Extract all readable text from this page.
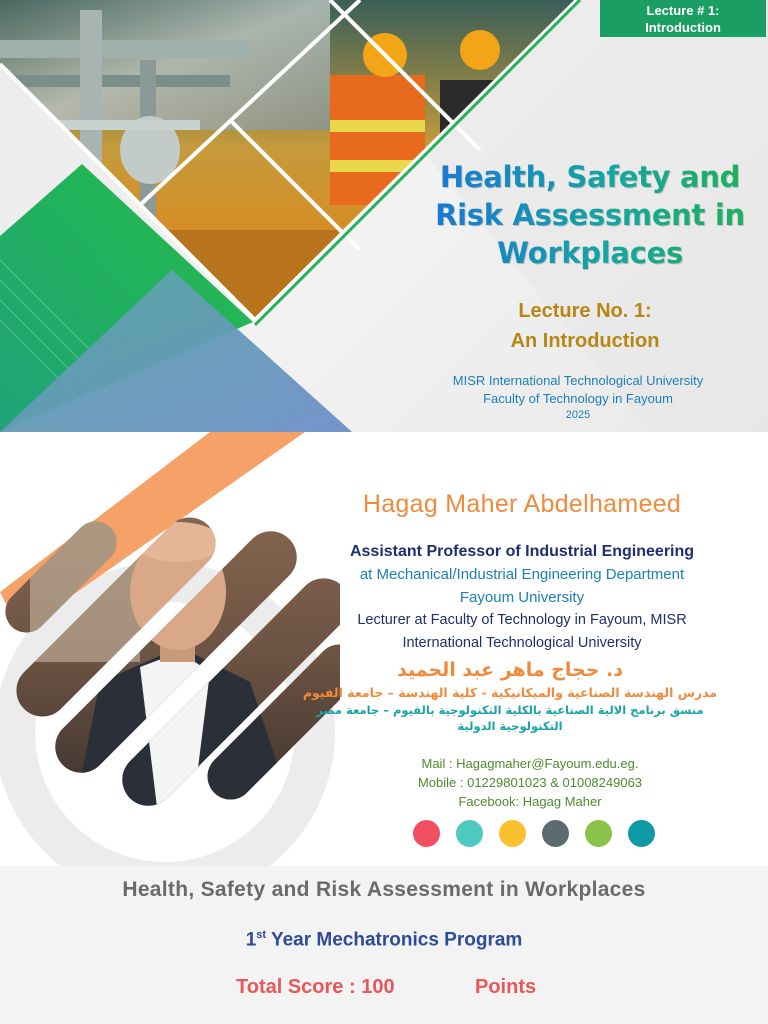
Lecture # 1:
Introduction
Health, Safety and
Risk Assessment in
Workplaces
Lecture No. 1:
An Introduction
MISR International Technological University
Faculty of Technology in Fayoum
2025
Hagag Maher Abdelhameed
Assistant Professor of Industrial Engineering
at Mechanical/Industrial Engineering Department
Fayoum University
Lecturer at Faculty of Technology in Fayoum, MISR
International Technological University
د. حجاج ماهر عبد الحميد
مدرس الهندسة الصناعية والميكانيكية - كلية الهندسة – جامعة الفيوم
منسق برنامج الالية الصناعية بالكلية التكنولوجية بالفيوم – جامعة مصر التكنولوجية الدولية
Mail : Hagagmaher@Fayoum.edu.eg.
Mobile : 01229801023 & 01008249063
Facebook: Hagag Maher
Health, Safety and Risk Assessment in Workplaces
1st Year Mechatronics Program
Total Score : 100	Points
